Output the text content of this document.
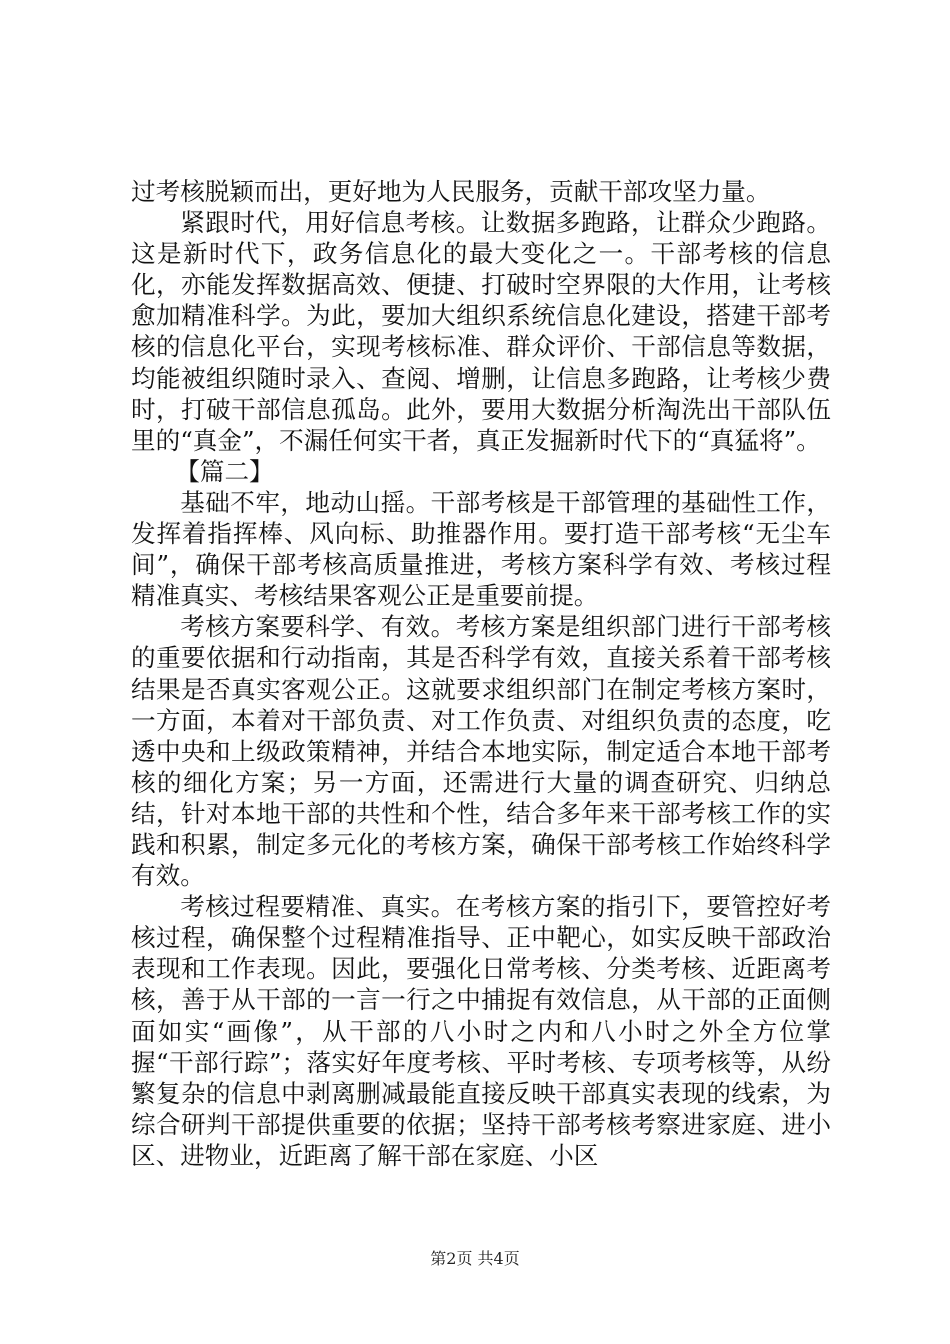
过考核脱颖而出，更好地为人民服务，贡献干部攻坚力量。

紧跟时代，用好信息考核。让数据多跑路，让群众少跑路。这是新时代下，政务信息化的最大变化之一。干部考核的信息化，亦能发挥数据高效、便捷、打破时空界限的大作用，让考核愈加精准科学。为此，要加大组织系统信息化建设，搭建干部考核的信息化平台，实现考核标准、群众评价、干部信息等数据，均能被组织随时录入、查阅、增删，让信息多跑路，让考核少费时，打破干部信息孤岛。此外，要用大数据分析淘洗出干部队伍里的“真金”，不漏任何实干者，真正发掘新时代下的“真猛将”。

【篇二】

基础不牢，地动山摇。干部考核是干部管理的基础性工作，发挥着指挥棒、风向标、助推器作用。要打造干部考核“无尘车间”，确保干部考核高质量推进，考核方案科学有效、考核过程精准真实、考核结果客观公正是重要前提。

考核方案要科学、有效。考核方案是组织部门进行干部考核的重要依据和行动指南，其是否科学有效，直接关系着干部考核结果是否真实客观公正。这就要求组织部门在制定考核方案时，一方面，本着对干部负责、对工作负责、对组织负责的态度，吃透中央和上级政策精神，并结合本地实际，制定适合本地干部考核的细化方案；另一方面，还需进行大量的调查研究、归纳总结，针对本地干部的共性和个性，结合多年来干部考核工作的实践和积累，制定多元化的考核方案，确保干部考核工作始终科学有效。

考核过程要精准、真实。在考核方案的指引下，要管控好考核过程，确保整个过程精准指导、正中靶心，如实反映干部政治表现和工作表现。因此，要强化日常考核、分类考核、近距离考核，善于从干部的一言一行之中捕捉有效信息，从干部的正面侧面如实“画像”，从干部的八小时之内和八小时之外全方位掌握“干部行踪”；落实好年度考核、平时考核、专项考核等，从纷繁复杂的信息中剥离删减最能直接反映干部真实表现的线索，为综合研判干部提供重要的依据；坚持干部考核考察进家庭、进小区、进物业，近距离了解干部在家庭、小区

第2页 共4页
